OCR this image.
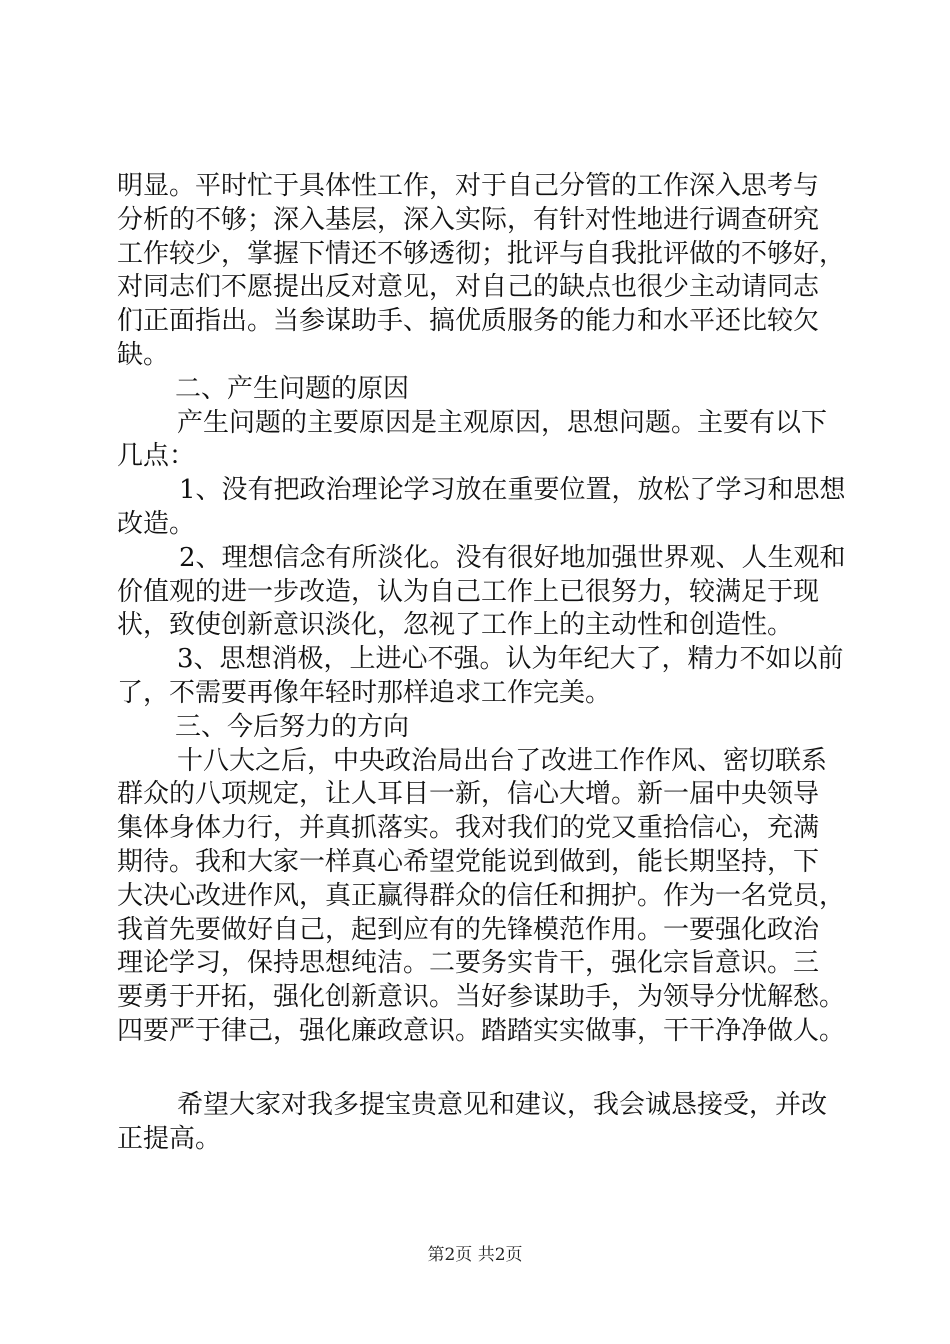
明显。平时忙于具体性工作，对于自己分管的工作深入思考与

分析的不够；深入基层，深入实际，有针对性地进行调查研究

工作较少，掌握下情还不够透彻；批评与自我批评做的不够好，

对同志们不愿提出反对意见，对自己的缺点也很少主动请同志

们正面指出。当参谋助手、搞优质服务的能力和水平还比较欠

缺。

二、产生问题的原因

产生问题的主要原因是主观原因，思想问题。主要有以下

几点：

1、没有把政治理论学习放在重要位置，放松了学习和思想

改造。

2、理想信念有所淡化。没有很好地加强世界观、人生观和

价值观的进一步改造，认为自己工作上已很努力，较满足于现

状，致使创新意识淡化，忽视了工作上的主动性和创造性。

3、思想消极，上进心不强。认为年纪大了，精力不如以前

了，不需要再像年轻时那样追求工作完美。

三、今后努力的方向

十八大之后，中央政治局出台了改进工作作风、密切联系

群众的八项规定，让人耳目一新，信心大增。新一届中央领导

集体身体力行，并真抓落实。我对我们的党又重拾信心，充满

期待。我和大家一样真心希望党能说到做到，能长期坚持，下

大决心改进作风，真正赢得群众的信任和拥护。作为一名党员，

我首先要做好自己，起到应有的先锋模范作用。一要强化政治

理论学习，保持思想纯洁。二要务实肯干，强化宗旨意识。三

要勇于开拓，强化创新意识。当好参谋助手，为领导分忧解愁。

四要严于律己，强化廉政意识。踏踏实实做事，干干净净做人。

希望大家对我多提宝贵意见和建议，我会诚恳接受，并改

正提高。

第2页 共2页
